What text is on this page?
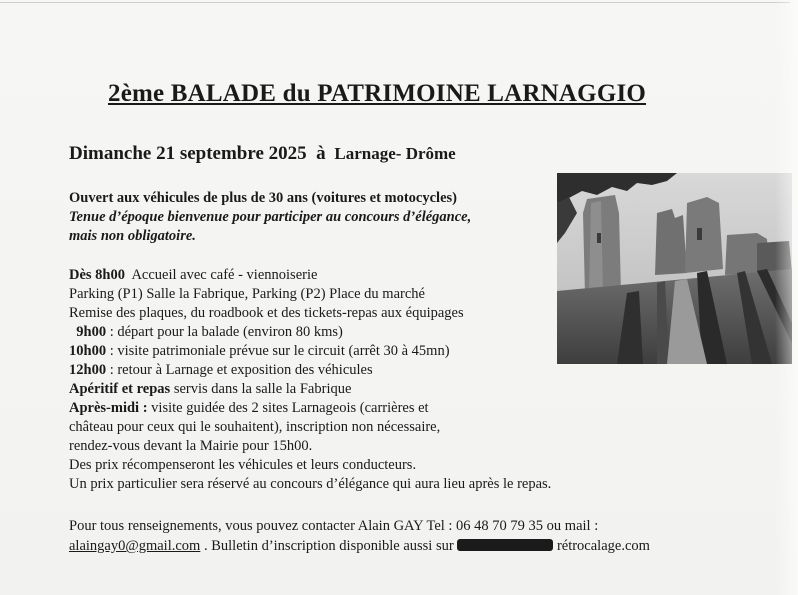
2ème BALADE du PATRIMOINE LARNAGGIO
Dimanche 21 septembre 2025 à Larnage- Drôme
Ouvert aux véhicules de plus de 30 ans (voitures et motocycles)
Tenue d’époque bienvenue pour participer au concours d’élégance,
mais non obligatoire.
Dès 8h00 Accueil avec café - viennoiserie
Parking (P1) Salle la Fabrique, Parking (P2) Place du marché
Remise des plaques, du roadbook et des tickets-repas aux équipages
9h00 : départ pour la balade (environ 80 kms)
10h00 : visite patrimoniale prévue sur le circuit (arrêt 30 à 45mn)
12h00 : retour à Larnage et exposition des véhicules
Apéritif et repas servis dans la salle la Fabrique
Après-midi : visite guidée des 2 sites Larnageois (carrières et
château pour ceux qui le souhaitent), inscription non nécessaire,
rendez-vous devant la Mairie pour 15h00.
Des prix récompenseront les véhicules et leurs conducteurs.
Un prix particulier sera réservé au concours d’élégance qui aura lieu après le repas.
Pour tous renseignements, vous pouvez contacter Alain GAY Tel : 06 48 70 79 35 ou mail :
alaingay0@gmail.com . Bulletin d’inscription disponible aussi sur	rétrocalage.com
